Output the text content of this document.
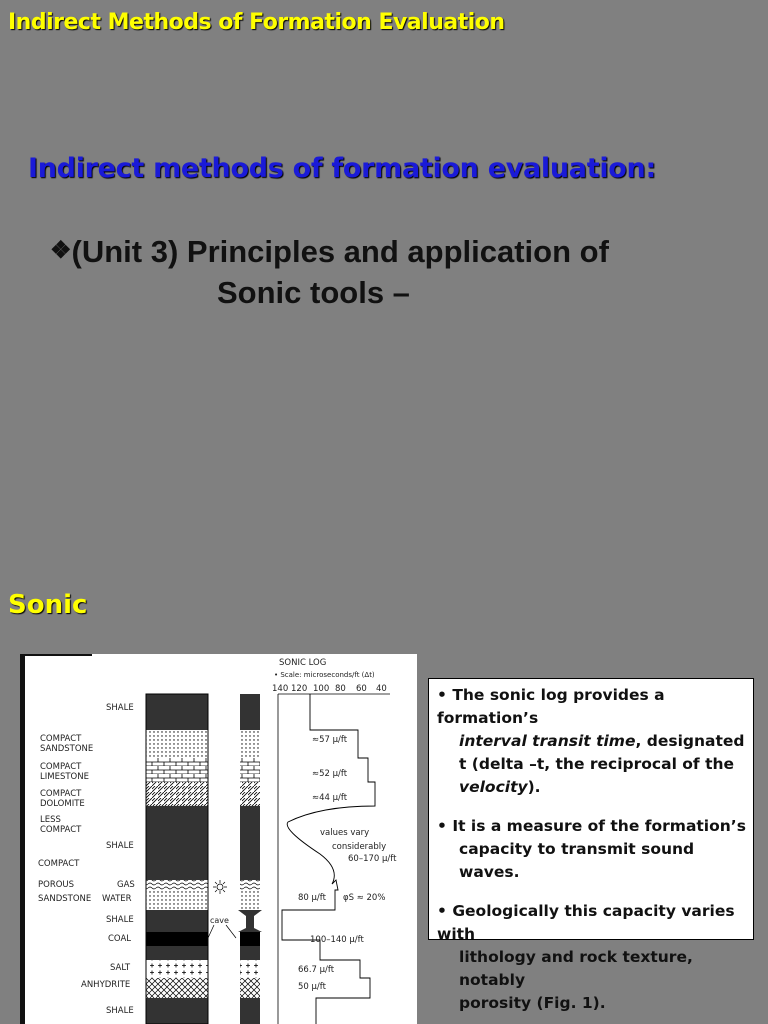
Indirect Methods of Formation Evaluation
Indirect methods of formation evaluation:
❖(Unit 3) Principles and application of
Sonic tools –
Sonic
SONIC LOG
• Scale: microseconds/ft (Δt)
140 120 100 80 60 40
cave
SHALE
COMPACT
SANDSTONE
COMPACT
LIMESTONE
COMPACT
DOLOMITE
LESS
COMPACT
SHALE
COMPACT
POROUS
SANDSTONE
GAS
WATER
SHALE
COAL
SALT
ANHYDRITE
SHALE
≈57 μ/ft
≈52 μ/ft
≈44 μ/ft
values vary
considerably
60–170 μ/ft
80 μ/ft φS ≈ 20%
100–140 μ/ft
66.7 μ/ft
50 μ/ft
• The sonic log provides a formation’s
interval transit time, designated
t (delta –t, the reciprocal of the
velocity).
• It is a measure of the formation’s
capacity to transmit sound waves.
• Geologically this capacity varies with
lithology and rock texture, notably
porosity (Fig. 1).
